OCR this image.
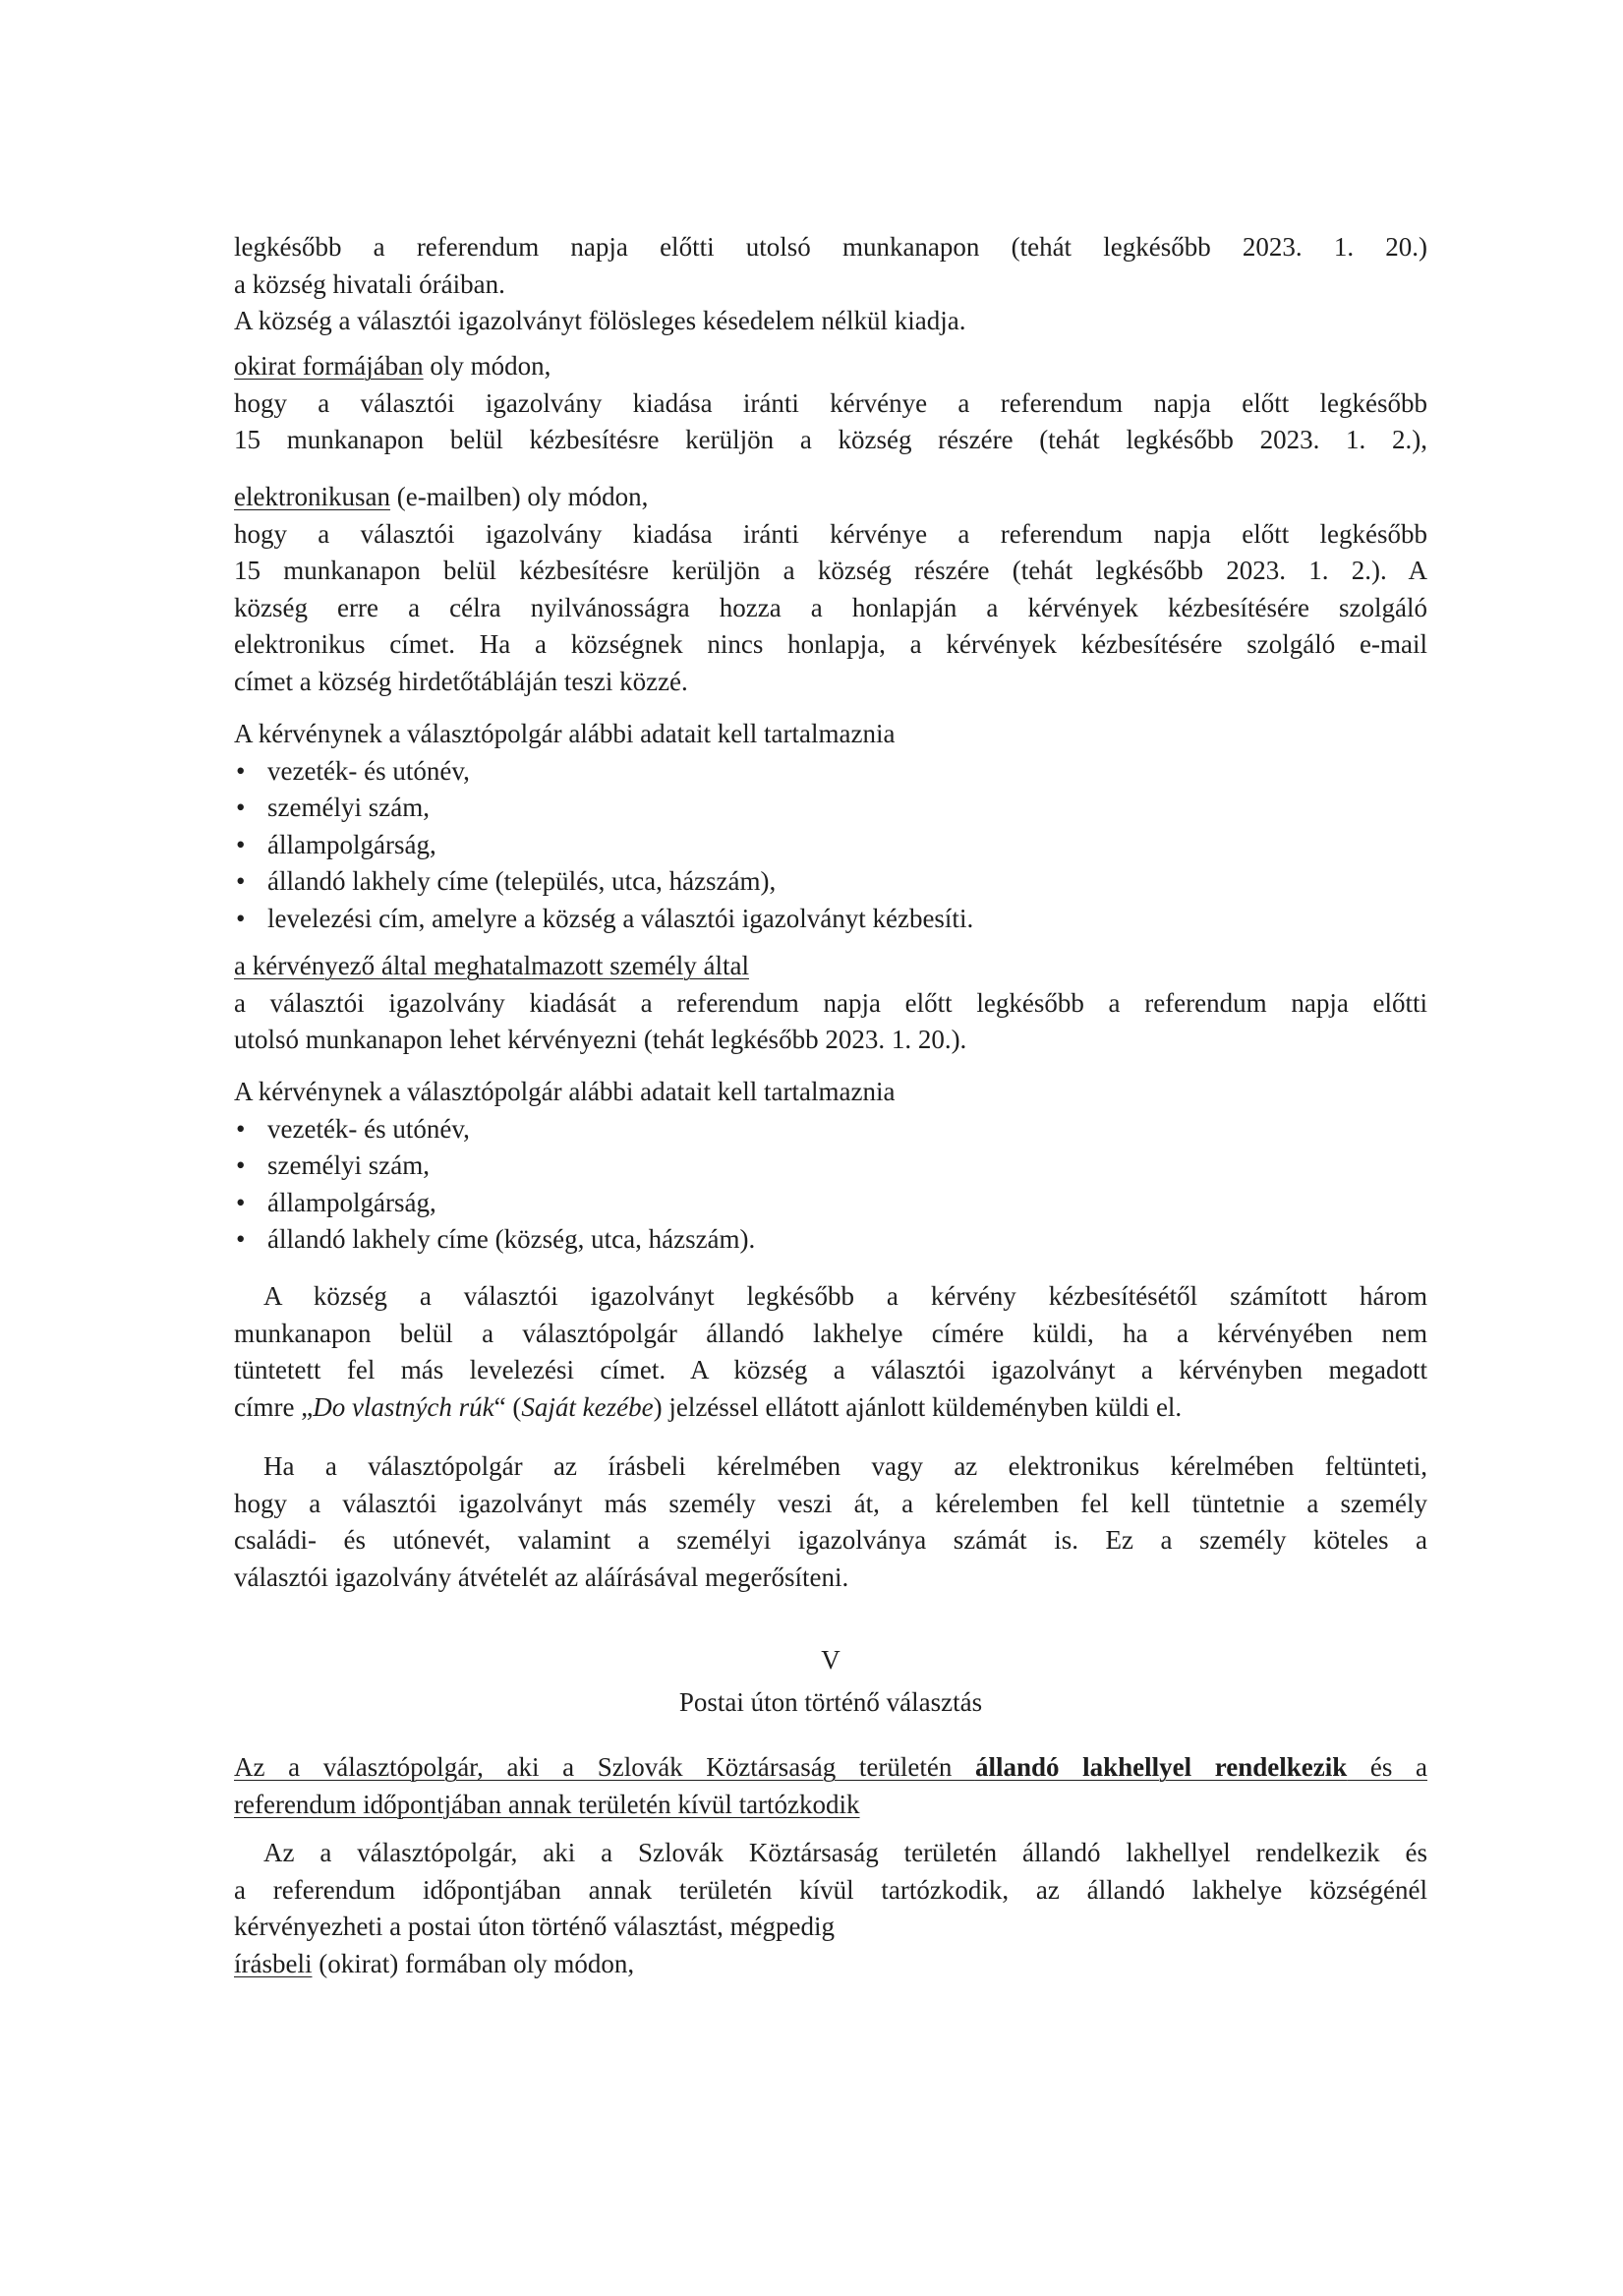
legkésőbb a referendum napja előtti utolsó munkanapon (tehát legkésőbb 2023. 1. 20.)
a község hivatali óráiban.
A község a választói igazolványt fölösleges késedelem nélkül kiadja.
okirat formájában oly módon,
hogy a választói igazolvány kiadása iránti kérvénye a referendum napja előtt legkésőbb
15 munkanapon belül kézbesítésre kerüljön a község részére (tehát legkésőbb 2023. 1. 2.),
elektronikusan (e-mailben) oly módon,
hogy a választói igazolvány kiadása iránti kérvénye a referendum napja előtt legkésőbb
15 munkanapon belül kézbesítésre kerüljön a község részére (tehát legkésőbb 2023. 1. 2.). A
község erre a célra nyilvánosságra hozza a honlapján a kérvények kézbesítésére szolgáló
elektronikus címet. Ha a községnek nincs honlapja, a kérvények kézbesítésére szolgáló e-mail
címet a község hirdetőtábláján teszi közzé.
A kérvénynek a választópolgár alábbi adatait kell tartalmaznia
• vezeték- és utónév,
• személyi szám,
• állampolgárság,
• állandó lakhely címe (település, utca, házszám),
• levelezési cím, amelyre a község a választói igazolványt kézbesíti.
a kérvényező által meghatalmazott személy által
a választói igazolvány kiadását a referendum napja előtt legkésőbb a referendum napja előtti
utolsó munkanapon lehet kérvényezni (tehát legkésőbb 2023. 1. 20.).
A kérvénynek a választópolgár alábbi adatait kell tartalmaznia
• vezeték- és utónév,
• személyi szám,
• állampolgárság,
• állandó lakhely címe (község, utca, házszám).
A község a választói igazolványt legkésőbb a kérvény kézbesítésétől számított három
munkanapon belül a választópolgár állandó lakhelye címére küldi, ha a kérvényében nem
tüntetett fel más levelezési címet. A község a választói igazolványt a kérvényben megadott
címre „Do vlastných rúk“ (Saját kezébe) jelzéssel ellátott ajánlott küldeményben küldi el.
Ha a választópolgár az írásbeli kérelmében vagy az elektronikus kérelmében feltünteti,
hogy a választói igazolványt más személy veszi át, a kérelemben fel kell tüntetnie a személy
családi- és utónevét, valamint a személyi igazolványa számát is. Ez a személy köteles a
választói igazolvány átvételét az aláírásával megerősíteni.
V
Postai úton történő választás
Az a választópolgár, aki a Szlovák Köztársaság területén állandó lakhellyel rendelkezik és a
referendum időpontjában annak területén kívül tartózkodik
Az a választópolgár, aki a Szlovák Köztársaság területén állandó lakhellyel rendelkezik és
a referendum időpontjában annak területén kívül tartózkodik, az állandó lakhelye községénél
kérvényezheti a postai úton történő választást, mégpedig
írásbeli (okirat) formában oly módon,
